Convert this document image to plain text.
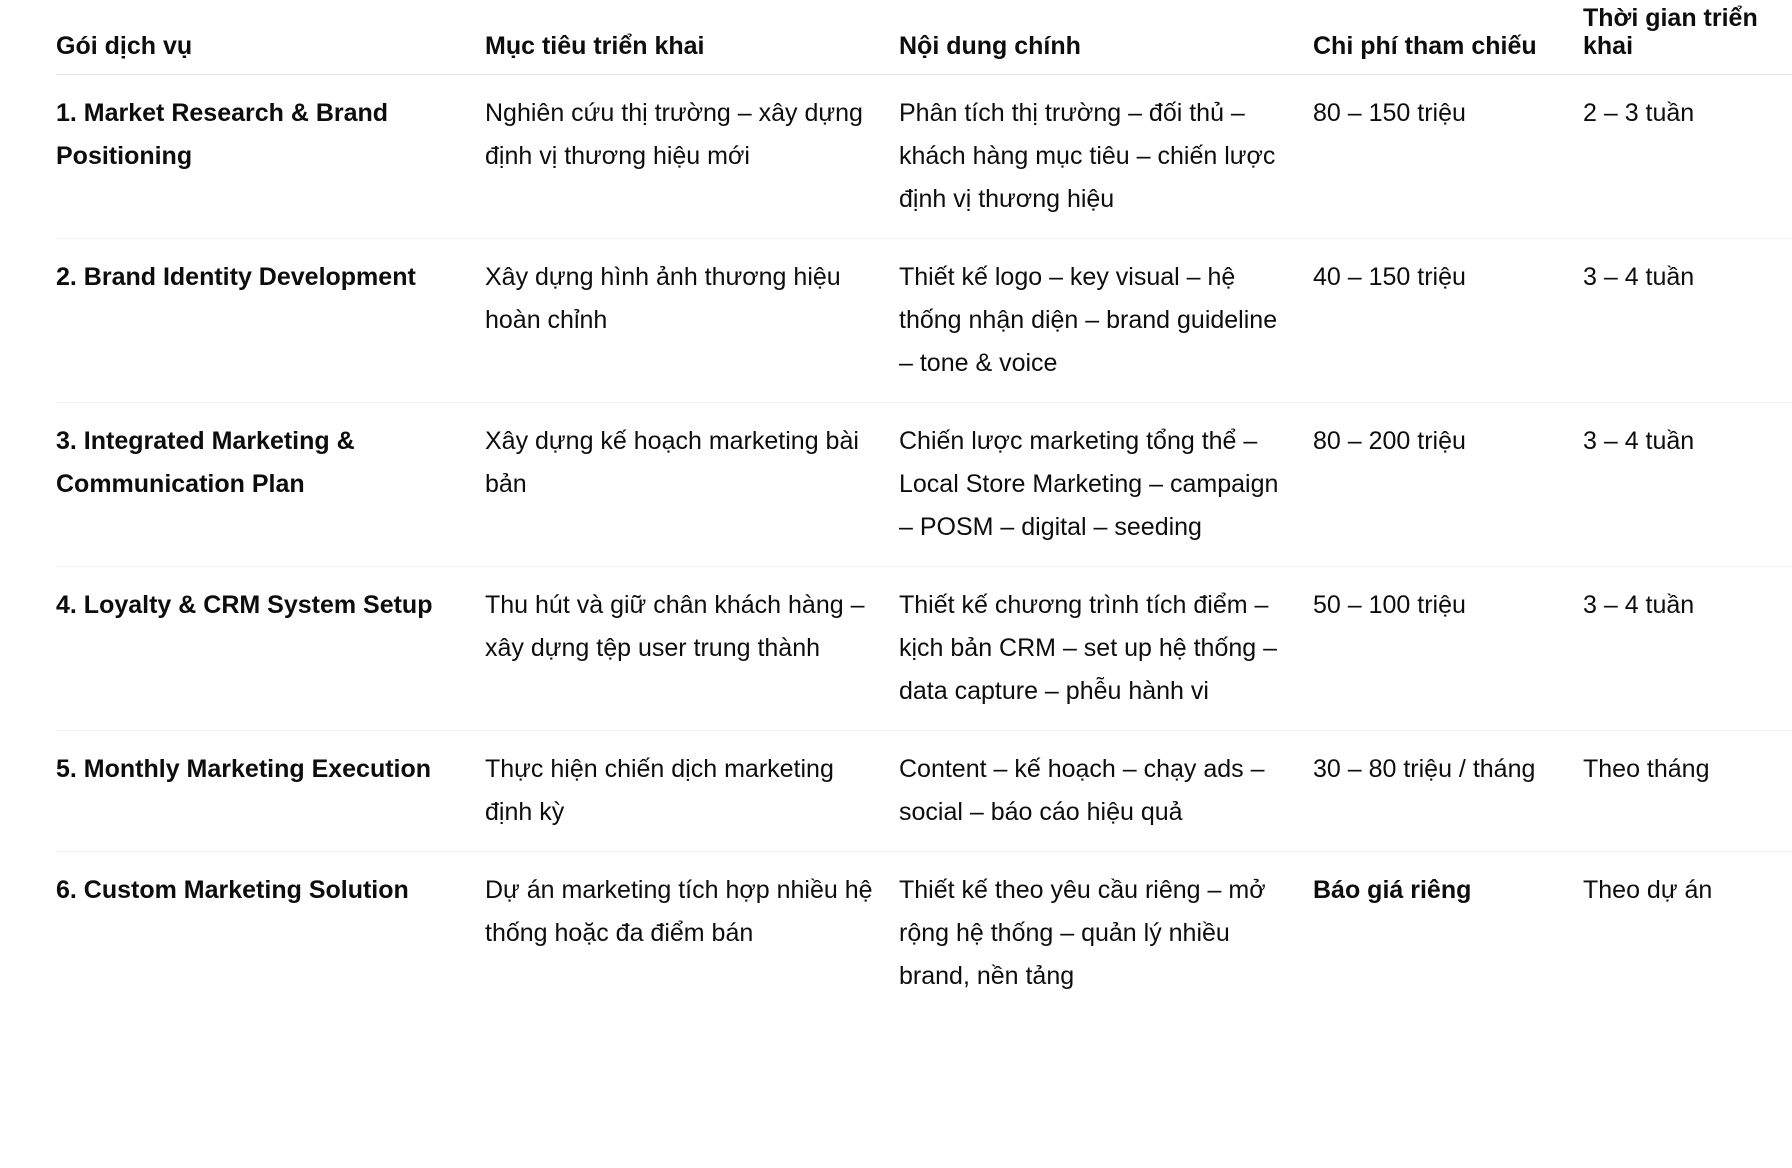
Gói dịch vụ	Mục tiêu triển khai	Nội dung chính	Chi phí tham chiếu	Thời gian triển khai
1. Market Research & Brand Positioning	Nghiên cứu thị trường – xây dựng định vị thương hiệu mới	Phân tích thị trường – đối thủ – khách hàng mục tiêu – chiến lược định vị thương hiệu	80 – 150 triệu	2 – 3 tuần
2. Brand Identity Development	Xây dựng hình ảnh thương hiệu hoàn chỉnh	Thiết kế logo – key visual – hệ thống nhận diện – brand guideline – tone & voice	40 – 150 triệu	3 – 4 tuần
3. Integrated Marketing & Communication Plan	Xây dựng kế hoạch marketing bài bản	Chiến lược marketing tổng thể – Local Store Marketing – campaign – POSM – digital – seeding	80 – 200 triệu	3 – 4 tuần
4. Loyalty & CRM System Setup	Thu hút và giữ chân khách hàng – xây dựng tệp user trung thành	Thiết kế chương trình tích điểm – kịch bản CRM – set up hệ thống – data capture – phễu hành vi	50 – 100 triệu	3 – 4 tuần
5. Monthly Marketing Execution	Thực hiện chiến dịch marketing định kỳ	Content – kế hoạch – chạy ads – social – báo cáo hiệu quả	30 – 80 triệu / tháng	Theo tháng
6. Custom Marketing Solution	Dự án marketing tích hợp nhiều hệ thống hoặc đa điểm bán	Thiết kế theo yêu cầu riêng – mở rộng hệ thống – quản lý nhiều brand, nền tảng	Báo giá riêng	Theo dự án
